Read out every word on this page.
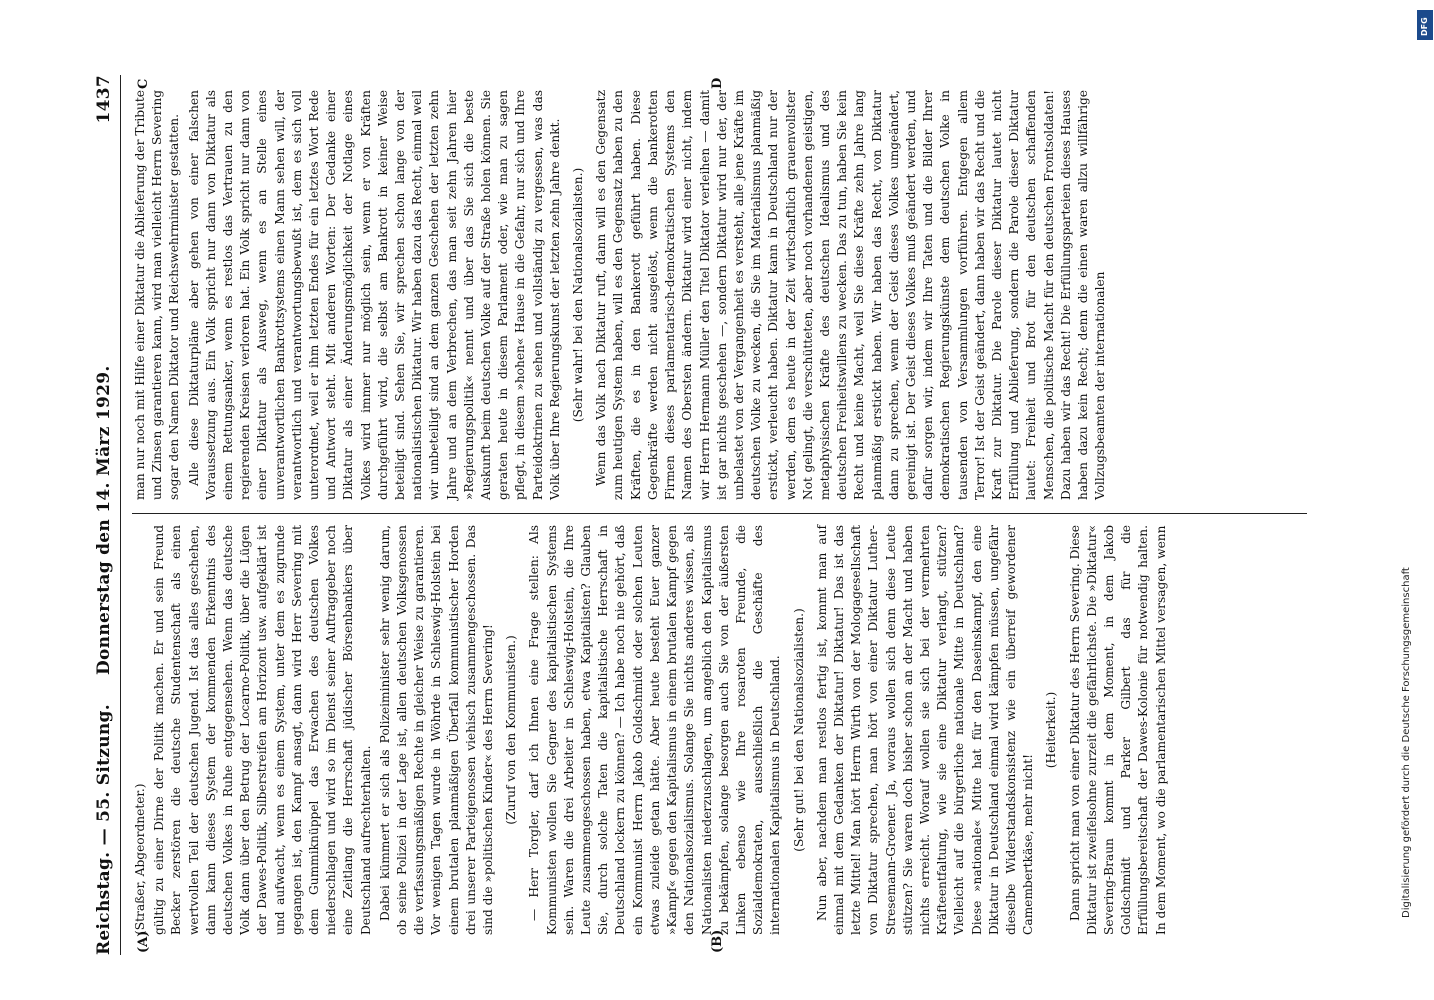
Reichstag. — 55. Sitzung.
Donnerstag den 14. März 1929.
1437
(A)	(B)
C	D

(Straßer, Abgeordneter.) gültig zu einer Dirne der Politik machen. Er und sein Freund Becker zerstören die deutsche Studentenschaft als einen wertvollen Teil der deutschen Jugend. Ist das alles geschehen, dann kann dieses System der kommenden Erkenntnis des deutschen Volkes in Ruhe entgegensehen. Wenn das deutsche Volk dann über den Betrug der Locarno-Politik, über die Lügen der Dawes-Politik, Silberstreifen am Horizont usw. aufgeklärt ist und aufwacht, wenn es einem System, unter dem es zugrunde gegangen ist, den Kampf ansagt, dann wird Herr Severing mit dem Gummiknüppel das Erwachen des deutschen Volkes niederschlagen und wird so im Dienst seiner Auftraggeber noch eine Zeitlang die Herrschaft jüdischer Börsenbankiers über Deutschland aufrechterhalten. Dabei kümmert er sich als Polizeiminister sehr wenig darum, ob seine Polizei in der Lage ist, allen deutschen Volksgenossen die verfassungsmäßigen Rechte in gleicher Weise zu garantieren. Vor wenigen Tagen wurde in Wöhrde in Schleswig-Holstein bei einem brutalen planmäßigen Überfall kommunistischer Horden drei unserer Parteigenossen viehisch zusammengeschossen. Das sind die »politischen Kinder« des Herrn Severing! (Zuruf von den Kommunisten.) — Herr Torgler, darf ich Ihnen eine Frage stellen: Als Kommunisten wollen Sie Gegner des kapitalistischen Systems sein. Waren die drei Arbeiter in Schleswig-Holstein, die Ihre Leute zusammengeschossen haben, etwa Kapitalisten? Glauben Sie, durch solche Taten die kapitalistische Herrschaft in Deutschland lockern zu können? — Ich habe noch nie gehört, daß ein Kommunist Herrn Jakob Goldschmidt oder solchen Leuten etwas zuleide getan hätte. Aber heute besteht Euer ganzer »Kampf« gegen den Kapitalismus in einem brutalen Kampf gegen den Nationalsozialismus. Solange Sie nichts anderes wissen, als Nationalisten niederzuschlagen, um angeblich den Kapitalismus zu bekämpfen, solange besorgen auch Sie von der äußersten Linken ebenso wie Ihre rosaroten Freunde, die Sozialdemokraten, ausschließlich die Geschäfte des internationalen Kapitalismus in Deutschland. (Sehr gut! bei den Nationalsozialisten.) Nun aber, nachdem man restlos fertig ist, kommt man auf einmal mit dem Gedanken der Diktatur! Diktatur! Das ist das letzte Mittel! Man hört Herrn Wirth von der Mologagesellschaft von Diktatur sprechen, man hört von einer Diktatur Luther-Stresemann-Groener. Ja, woraus wollen sich denn diese Leute stützen? Sie waren doch bisher schon an der Macht und haben nichts erreicht. Worauf wollen sie sich bei der vermehrten Kräfteentfaltung, wie sie eine Diktatur verlangt, stützen? Vielleicht auf die bürgerliche nationale Mitte in Deutschland? Diese »nationale« Mitte hat für den Daseinskampf, den eine Diktatur in Deutschland einmal wird kämpfen müssen, ungefähr dieselbe Widerstandskonsistenz wie ein überreif gewordener Camembertkäse, mehr nicht!

(Heiterkeit.) Dann spricht man von einer Diktatur des Herrn Severing. Diese Diktatur ist zweifelsohne zurzeit die gefährlichste. Die »Diktatur« Severing-Braun kommt in dem Moment, in dem Jakob Goldschmidt und Parker Gilbert das für die Erfüllungsbereitschaft der Dawes-Kolonie für notwendig halten. In dem Moment, wo die parlamentarischen Mittel versagen, wenn

man nur noch mit Hilfe einer Diktatur die Ablieferung der Tribute und Zinsen garantieren kann, wird man vielleicht Herrn Severing sogar den Namen Diktator und Reichswehrminister gestatten. Alle diese Diktaturpläne aber gehen von einer falschen Voraussetzung aus. Ein Volk spricht nur dann von Diktatur als einem Rettungsanker, wenn es restlos das Vertrauen zu den regierenden Kreisen verloren hat. Ein Volk spricht nur dann von einer Diktatur als Ausweg, wenn es an Stelle eines unverantwortlichen Bankrottsystems einen Mann sehen will, der verantwortlich und verantwortungsbewußt ist, dem es sich voll unterordnet, weil er ihm letzten Endes für ein letztes Wort Rede und Antwort steht. Mit anderen Worten: Der Gedanke einer Diktatur als einer Änderungsmöglichkeit der Notlage eines Volkes wird immer nur möglich sein, wenn er von Kräften durchgeführt wird, die selbst am Bankrott in keiner Weise beteiligt sind. Sehen Sie, wir sprechen schon lange von der nationalistischen Diktatur. Wir haben dazu das Recht, einmal weil wir unbeteiligt sind an dem ganzen Geschehen der letzten zehn Jahre und an dem Verbrechen, das man seit zehn Jahren hier »Regierungspolitik« nennt und über das Sie sich die beste Auskunft beim deutschen Volke auf der Straße holen können. Sie geraten heute in diesem Parlament oder, wie man zu sagen pflegt, in diesem »hohen« Hause in die Gefahr, nur sich und Ihre Parteidoktrinen zu sehen und vollständig zu vergessen, was das Volk über Ihre Regierungskunst der letzten zehn Jahre denkt. (Sehr wahr! bei den Nationalsozialisten.) Wenn das Volk nach Diktatur ruft, dann will es den Gegensatz zum heutigen System haben, will es den Gegensatz haben zu den Kräften, die es in den Bankerott geführt haben. Diese Gegenkräfte werden nicht ausgelöst, wenn die bankerotten Firmen dieses parlamentarisch-demokratischen Systems den Namen des Obersten ändern. Diktatur wird einer nicht, indem wir Herrn Hermann Müller den Titel Diktator verleihen — damit ist gar nichts geschehen —, sondern Diktatur wird nur der, der unbelastet von der Vergangenheit es versteht, alle jene Kräfte im deutschen Volke zu wecken, die Sie im Materialismus planmäßig erstickt, verleucht haben. Diktatur kann in Deutschland nur der werden, dem es heute in der Zeit wirtschaftlich grauenvollster Not gelingt, die verschütteten, aber noch vorhandenen geistigen, metaphysischen Kräfte des deutschen Idealismus und des deutschen Freiheitswillens zu wecken. Das zu tun, haben Sie kein Recht und keine Macht, weil Sie diese Kräfte zehn Jahre lang planmäßig erstickt haben. Wir haben das Recht, von Diktatur dann zu sprechen, wenn der Geist dieses Volkes umgeändert, gereinigt ist. Der Geist dieses Volkes muß geändert werden, und dafür sorgen wir, indem wir Ihre Taten und die Bilder Ihrer demokratischen Regierungskünste dem deutschen Volke in tausenden von Versammlungen vorführen. Entgegen allem Terror! Ist der Geist geändert, dann haben wir das Recht und die Kraft zur Diktatur. Die Parole dieser Diktatur lautet nicht Erfüllung und Ablieferung, sondern die Parole dieser Diktatur lautet: Freiheit und Brot für den deutschen schaffenden Menschen, die politische Macht für den deutschen Frontsoldaten! Dazu haben wir das Recht! Die Erfüllungsparteien dieses Hauses haben dazu kein Recht; denn die einen waren allzu willfährige Vollzugsbeamten der internationalen

Digitalisierung gefördert durch die Deutsche Forschungsgemeinschaft
DFG
